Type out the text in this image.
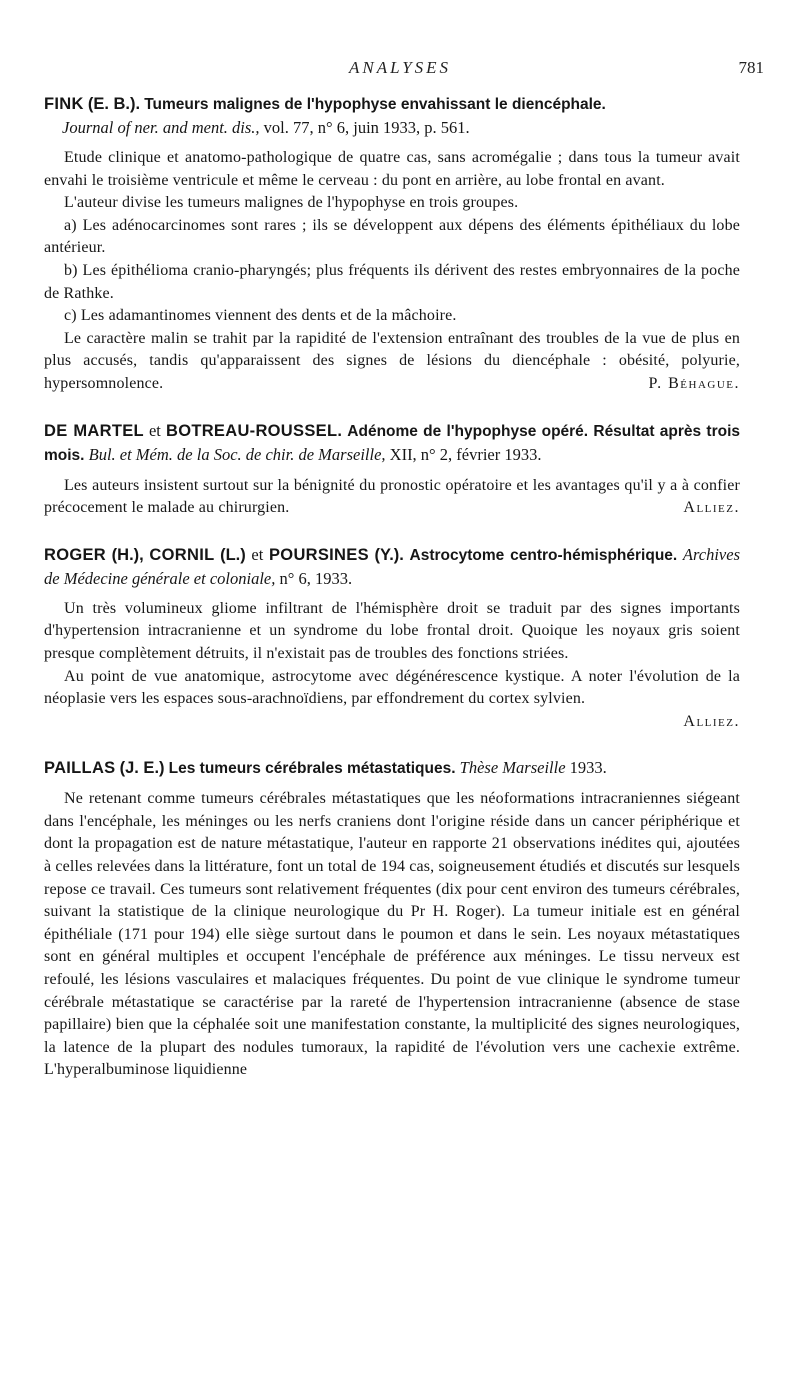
ANALYSES	781

FINK (E. B.). Tumeurs malignes de l'hypophyse envahissant le diencéphale.
Journal of ner. and ment. dis., vol. 77, n° 6, juin 1933, p. 561.

Etude clinique et anatomo-pathologique de quatre cas, sans acromégalie ; dans tous la tumeur avait envahi le troisième ventricule et même le cerveau : du pont en arrière, au lobe frontal en avant.

L'auteur divise les tumeurs malignes de l'hypophyse en trois groupes.

a) Les adénocarcinomes sont rares ; ils se développent aux dépens des éléments épithéliaux du lobe antérieur.

b) Les épithélioma cranio-pharyngés; plus fréquents ils dérivent des restes embryonnaires de la poche de Rathke.

c) Les adamantinomes viennent des dents et de la mâchoire.

Le caractère malin se trahit par la rapidité de l'extension entraînant des troubles de la vue de plus en plus accusés, tandis qu'apparaissent des signes de lésions du diencéphale : obésité, polyurie, hypersomnolence.	P. Béhague.

DE MARTEL et BOTREAU-ROUSSEL. Adénome de l'hypophyse opéré. Résultat après trois mois. Bul. et Mém. de la Soc. de chir. de Marseille, XII, n° 2, février 1933.

Les auteurs insistent surtout sur la bénignité du pronostic opératoire et les avantages qu'il y a à confier précocement le malade au chirurgien.	Alliez.

ROGER (H.), CORNIL (L.) et POURSINES (Y.). Astrocytome centro-hémisphérique. Archives de Médecine générale et coloniale, n° 6, 1933.

Un très volumineux gliome infiltrant de l'hémisphère droit se traduit par des signes importants d'hypertension intracranienne et un syndrome du lobe frontal droit. Quoique les noyaux gris soient presque complètement détruits, il n'existait pas de troubles des fonctions striées.

Au point de vue anatomique, astrocytome avec dégénérescence kystique. A noter l'évolution de la néoplasie vers les espaces sous-arachnoïdiens, par effondrement du cortex sylvien.

Alliez.

PAILLAS (J. E.) Les tumeurs cérébrales métastatiques. Thèse Marseille 1933.

Ne retenant comme tumeurs cérébrales métastatiques que les néoformations intracraniennes siégeant dans l'encéphale, les méninges ou les nerfs craniens dont l'origine réside dans un cancer périphérique et dont la propagation est de nature métastatique, l'auteur en rapporte 21 observations inédites qui, ajoutées à celles relevées dans la littérature, font un total de 194 cas, soigneusement étudiés et discutés sur lesquels repose ce travail. Ces tumeurs sont relativement fréquentes (dix pour cent environ des tumeurs cérébrales, suivant la statistique de la clinique neurologique du Pr H. Roger). La tumeur initiale est en général épithéliale (171 pour 194) elle siège surtout dans le poumon et dans le sein. Les noyaux métastatiques sont en général multiples et occupent l'encéphale de préférence aux méninges. Le tissu nerveux est refoulé, les lésions vasculaires et malaciques fréquentes. Du point de vue clinique le syndrome tumeur cérébrale métastatique se caractérise par la rareté de l'hypertension intracranienne (absence de stase papillaire) bien que la céphalée soit une manifestation constante, la multiplicité des signes neurologiques, la latence de la plupart des nodules tumoraux, la rapidité de l'évolution vers une cachexie extrême. L'hyperalbuminose liquidienne
